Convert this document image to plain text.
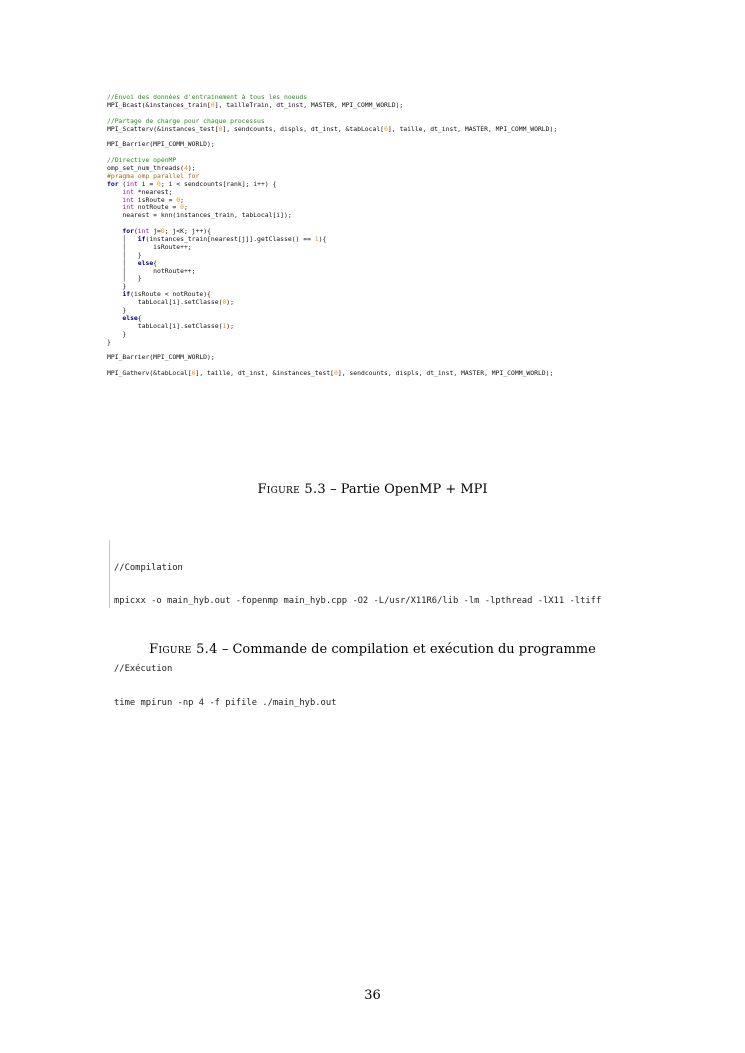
//Envoi des données d'entrainement à tous les noeuds
MPI_Bcast(&instances_train[0], tailleTrain, dt_inst, MASTER, MPI_COMM_WORLD);
//Partage de charge pour chaque processus
MPI_Scatterv(&instances_test[0], sendcounts, displs, dt_inst, &tabLocal[0], taille, dt_inst, MASTER, MPI_COMM_WORLD);
MPI_Barrier(MPI_COMM_WORLD);
//Directive openMP
omp_set_num_threads(4);
#pragma omp parallel for
for (int i = 0; i < sendcounts[rank]; i++) {
int *nearest;
int isRoute = 0;
int notRoute = 0;
nearest = knn(instances_train, tabLocal[i]);
for(int j=0; j<K; j++){
│   if(instances_train[nearest[j]].getClasse() == 1){
│       isRoute++;
│   }
│   else{
│       notRoute++;
│   }
}
if(isRoute < notRoute){
tabLocal[i].setClasse(0);
}
else{
tabLocal[i].setClasse(1);
}
}
MPI_Barrier(MPI_COMM_WORLD);
MPI_Gatherv(&tabLocal[0], taille, dt_inst, &instances_test[0], sendcounts, displs, dt_inst, MASTER, MPI_COMM_WORLD);
Figure 5.3 – Partie OpenMP + MPI

//Compilation

mpicxx -o main_hyb.out -fopenmp main_hyb.cpp -O2 -L/usr/X11R6/lib -lm -lpthread -lX11 -ltiff

//Exécution

time mpirun -np 4 -f pifile ./main_hyb.out

Figure 5.4 – Commande de compilation et exécution du programme
36
